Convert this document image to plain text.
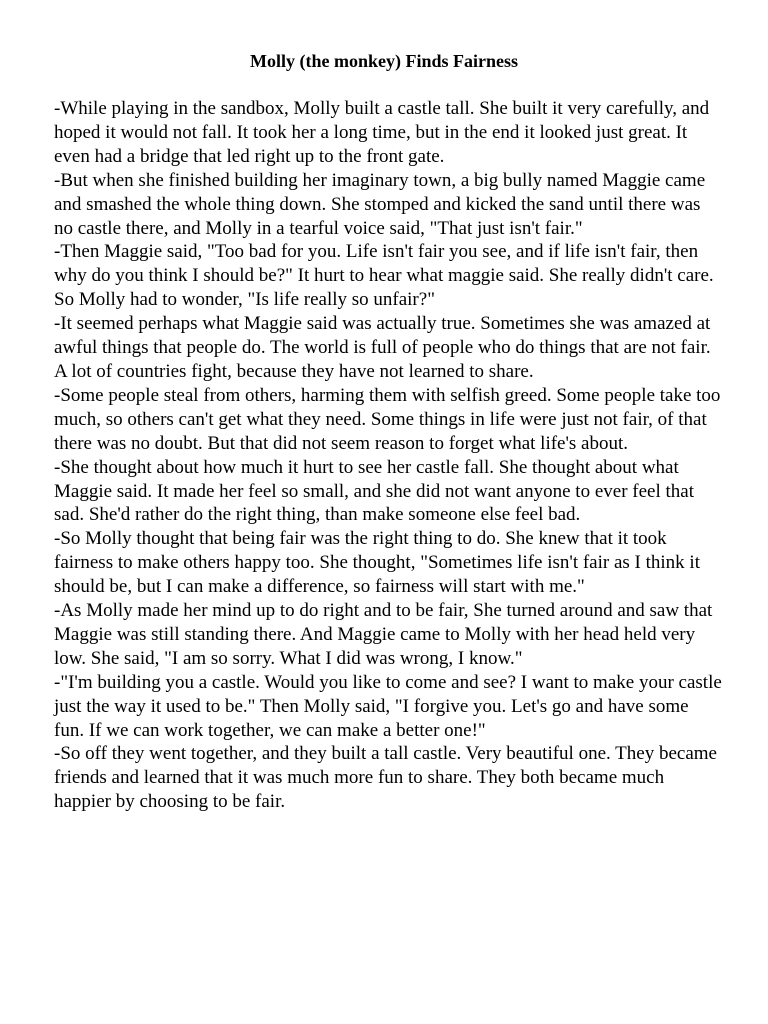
Molly (the monkey) Finds Fairness

-While playing in the sandbox, Molly built a castle tall. She built it very carefully, and hoped it would not fall. It took her a long time, but in the end it looked just great. It even had a bridge that led right up to the front gate.

-But when she finished building her imaginary town, a big bully named Maggie came and smashed the whole thing down. She stomped and kicked the sand until there was no castle there, and Molly in a tearful voice said, "That just isn't fair."

-Then Maggie said, "Too bad for you. Life isn't fair you see, and if life isn't fair, then why do you think I should be?" It hurt to hear what maggie said. She really didn't care. So Molly had to wonder, "Is life really so unfair?"

-It seemed perhaps what Maggie said was actually true. Sometimes she was amazed at awful things that people do. The world is full of people who do things that are not fair. A lot of countries fight, because they have not learned to share.

-Some people steal from others, harming them with selfish greed. Some people take too much, so others can't get what they need. Some things in life were just not fair, of that there was no doubt. But that did not seem reason to forget what life's about.

-She thought about how much it hurt to see her castle fall. She thought about what Maggie said. It made her feel so small, and she did not want anyone to ever feel that sad. She'd rather do the right thing, than make someone else feel bad.

-So Molly thought that being fair was the right thing to do. She knew that it took fairness to make others happy too. She thought, "Sometimes life isn't fair as I think it should be, but I can make a difference, so fairness will start with me."

-As Molly made her mind up to do right and to be fair, She turned around and saw that Maggie was still standing there. And Maggie came to Molly with her head held very low. She said, "I am so sorry. What I did was wrong, I know."

-"I'm building you a castle. Would you like to come and see? I want to make your castle just the way it used to be." Then Molly said, "I forgive you. Let's go and have some fun. If we can work together, we can make a better one!"

-So off they went together, and they built a tall castle. Very beautiful one. They became friends and learned that it was much more fun to share. They both became much happier by choosing to be fair.
